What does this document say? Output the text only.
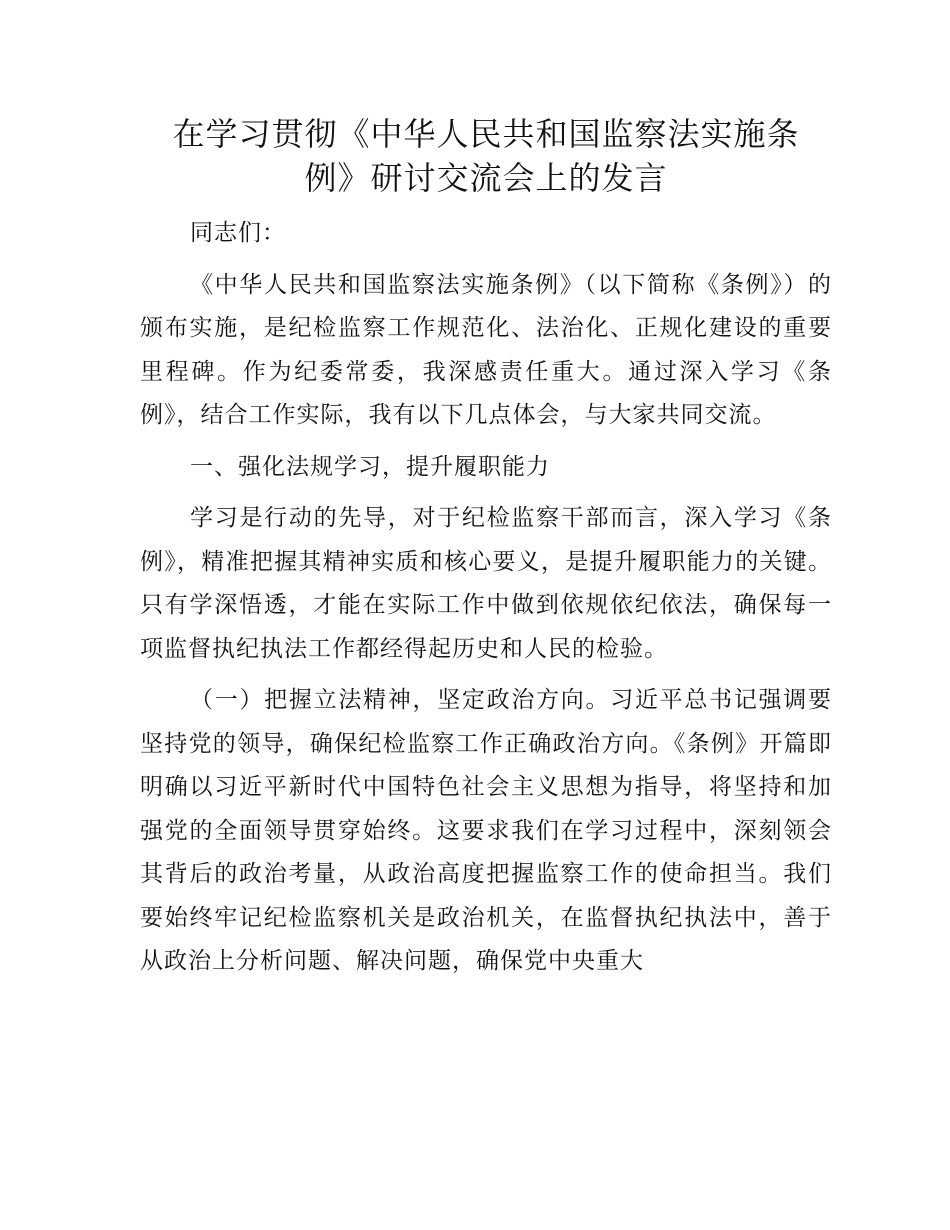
在学习贯彻《中华人民共和国监察法实施条
例》研讨交流会上的发言

同志们：

《中华人民共和国监察法实施条例》（以下简称《条例》）的颁布实施，是纪检监察工作规范化、法治化、正规化建设的重要里程碑。作为纪委常委，我深感责任重大。通过深入学习《条例》，结合工作实际，我有以下几点体会，与大家共同交流。

一、强化法规学习，提升履职能力

学习是行动的先导，对于纪检监察干部而言，深入学习《条例》，精准把握其精神实质和核心要义，是提升履职能力的关键。只有学深悟透，才能在实际工作中做到依规依纪依法，确保每一项监督执纪执法工作都经得起历史和人民的检验。

（一）把握立法精神，坚定政治方向。习近平总书记强调要坚持党的领导，确保纪检监察工作正确政治方向。《条例》开篇即明确以习近平新时代中国特色社会主义思想为指导，将坚持和加强党的全面领导贯穿始终。这要求我们在学习过程中，深刻领会其背后的政治考量，从政治高度把握监察工作的使命担当。我们要始终牢记纪检监察机关是政治机关，在监督执纪执法中，善于从政治上分析问题、解决问题，确保党中央重大
